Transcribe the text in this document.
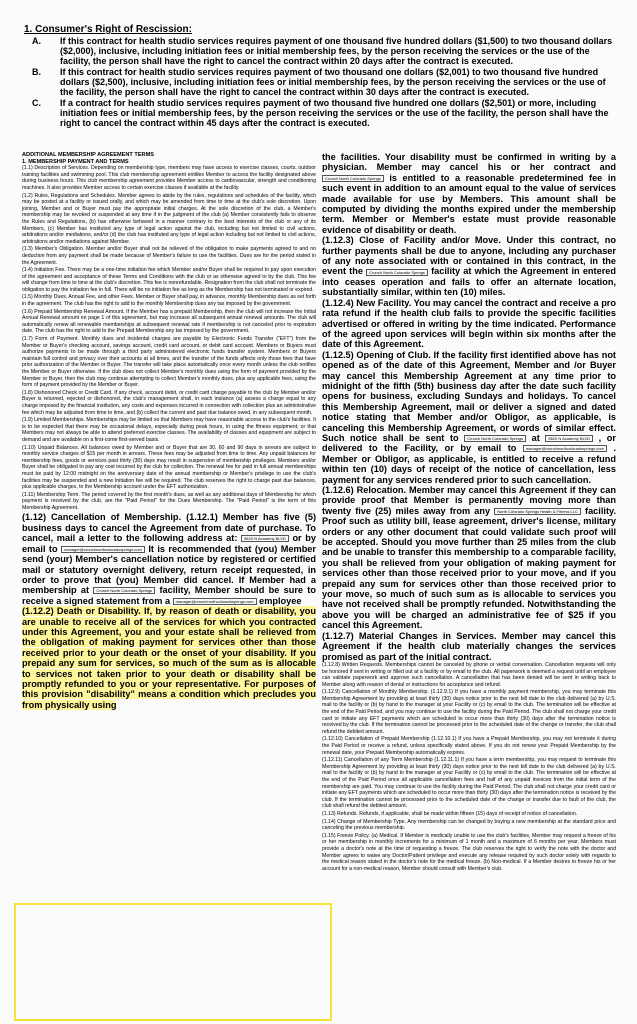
1. Consumer's Right of Rescission:
A.	If this contract for health studio services requires payment of one thousand five hundred dollars ($1,500) to two thousand dollars ($2,000), inclusive, including initiation fees or initial membership fees, by the person receiving the services or the use of the facility, the person shall have the right to cancel the contract within 20 days after the contract is executed.
B.	If this contract for health studio services requires payment of two thousand one dollars ($2,001) to two thousand five hundred dollars ($2,500), inclusive, including initiation fees or initial membership fees, by the person receiving the services or the use of the facility, the person shall have the right to cancel the contract within 30 days after the contract is executed.
C.	If a contract for health studio services requires payment of two thousand five hundred one dollars ($2,501) or more, including initiation fees or initial membership fees, by the person receiving the services or the use of the facility, the person shall have the right to cancel the contract within 45 days after the contract is executed.

ADDITIONAL MEMBERSHIP AGREEMENT TERMS

1. MEMBERSHIP PAYMENT AND TERMS

(1.1) Description of Services. Depending on membership type, members may have access to exercise classes, courts, outdoor training facilities and swimming pool. This club membership agreement entitles Member to access the facility designated above during business hours. This club membership agreement provides Member access to cardiovascular, strength and conditioning machines. It also provides Member access to certain exercise classes if available at the facility.

(1.2) Rules, Regulations and Schedules. Member agrees to abide by the rules, regulations and schedules of the facility, which may be posted at a facility or issued orally, and which may be amended from time to time at the club's sole discretion. Upon joining, Member and or Buyer must pay the appropriate initial charges. At the sole discretion of the club, a Member's membership may be revoked or suspended at any time if in the judgment of the club (a) Member consistently fails to observe the Rules and Regulations, (b) has otherwise behaved in a manner contrary to the best interests of the club or any of its Members, (c) Member has instituted any type of legal action against the club, including but not limited to civil actions, arbitrations and/or mediations, and/or (d) the club has instituted any type of legal action including but not limited to civil actions, arbitrations and/or mediations against Member.

(1.3) Member's Obligation. Member and/or Buyer shall not be relieved of the obligation to make payments agreed to and no deduction from any payment shall be made because of Member's failure to use the facilities. Dues are for the period stated in the Agreement.

(1.4) Initiation Fee. There may be a one-time initiation fee which Member and/or Buyer shall be required to pay upon execution of the agreement and acceptance of these Terms and Conditions with the club or as otherwise agreed to by the club. This fee will change from time to time at the club's discretion. This fee is nonrefundable. Resignation from the club shall not terminate the obligation to pay the initiation fee in full. There will be no initiation fee as long as the Membership has not terminated or expired.

(1.5) Monthly Dues, Annual Fee, and other Fees. Member or Buyer shall pay, in advance, monthly Membership dues as set forth in the agreement. The club has the right to add to the monthly Membership dues any tax imposed by the government.

(1.6) Prepaid Membership Renewal Amount. If the Member has a prepaid Membership, then the club will not increase the Initial Annual Renewal amount on page 1 of this agreement, but may increase all subsequent annual renewal amounts. The club will automatically renew all renewable memberships at subsequent renewal rate if membership is not canceled prior to expiration date. The club has the right to add to the Prepaid Membership any tax imposed by the government.

(1.7) Form of Payment. Monthly dues and incidental charges are payable by Electronic Funds Transfer ("EFT") from the Member or Buyer's checking account, savings account, credit card account, or debit card account. Members or Buyers must authorize payments to be made through a third party administered electronic funds transfer system. Members or Buyers maintain full control and privacy over their accounts at all times, and the transfer of the funds affects only those fees that have prior authorization of the Member or Buyer. The transfer will take place automatically once every month unless the club notifies the Member or Buyer otherwise. If the club does not collect Member's monthly dues using the form of payment provided by the Member or Buyer, then the club may continue attempting to collect Member's monthly dues, plus any applicable fees, using the form of payment provided by the Member or Buyer.

(1.8) Dishonored Check or Credit Card. If any check, account debit, or credit card charge payable to the club by Member and/or Buyer is returned, rejected or dishonored, the club's management shall, in each instance (a) assess a charge equal to any charge imposed by the financial institution, any costs and expenses incurred in connection with collection plus an administrative fee which may be adjusted from time to time, and (b) collect the current and past due balance owed, in any subsequent month.

(1.9) Limited Memberships. Memberships may be limited so that Members may have reasonable access to the club's facilities. It is to be expected that there may be occasional delays, especially during peak hours, in using the fitness equipment; or that Members may not always be able to attend preferred exercise classes. The availability of classes and equipment are subject to demand and are available on a first-come first-served basis.

(1.10) Unpaid Balances. All balances owed by Member and or Buyer that are 30, 60 and 90 days in arrears are subject to monthly service charges of $15 per month in arrears. These fees may be adjusted from time to time. Any unpaid balances for membership fees, goods or services past thirty (30) days may result in suspension of membership privileges. Members and/or Buyer shall be obligated to pay any cost incurred by the club for collection. The renewal fee for paid in full annual memberships must be paid by 12:00 midnight on the anniversary date of the annual membership or Member's privilege to use the club's facilities may be suspended and a new Initiation fee will be required. The club reserves the right to charge past due balances, plus applicable charges, to the Membership account under the EFT authorization.

(1.11) Membership Term. The period covered by the first month's dues, as well as any additional days of Membership for which payment is received by the club, are the "Paid Period" for the Dues Membership. The "Paid Period" is the term of this Membership Agreement.

(1.12) Cancellation of Membership. (1.12.1) Member has five (5) business days to cancel the Agreement from date of purchase. To cancel, mail a letter to the following address at: 5620 N Academy BLVD or by email to manager@crunchnorthcoloradosprings.com It is recommended that (you) Member send (your) Member's cancellation notice by registered or certified mail or statutory overnight delivery, return receipt requested, in order to prove that (you) Member did cancel. If Member had a membership at Crunch North Colorado Springs facility, Member should be sure to receive a signed statement from a manager@crunchnorthcoloradosprings.com employee

(1.12.2) Death or Disability. If, by reason of death or disability, you are unable to receive all of the services for which you contracted under this Agreement, you and your estate shall be relieved from the obligation of making payment for services other than those received prior to your death or the onset of your disability. If you prepaid any sum for services, so much of the sum as is allocable to services not taken prior to your death or disability shall be promptly refunded to you or your representative. For purposes of this provision "disability" means a condition which precludes you from physically using

the facilities. Your disability must be confirmed in writing by a physician. Member may cancel his or her contract and Crunch North Colorado Springs is entitled to a reasonable predetermined fee in such event in addition to an amount equal to the value of services made available for use by Members. This amount shall be computed by dividing the months expired under the membership term. Member or Member's estate must provide reasonable evidence of disability or death.

(1.12.3) Close of Facility and/or Move. Under this contract, no further payments shall be due to anyone, including any purchaser of any note associated with or contained in this contract, in the event the Crunch North Colorado Springs facility at which the Agreement in entered into ceases operation and fails to offer an alternate location, substantially similar, within ten (10) miles.

(1.12.4) New Facility. You may cancel the contract and receive a pro rata refund if the health club fails to provide the specific facilities advertised or offered in writing by the time indicated. Performance of the agreed upon services will begin within six months after the date of this Agreement.

(1.12.5) Opening of Club. If the facility first identified above has not opened as of the date of this Agreement, Member and /or Buyer may cancel this Membership Agreement at any time prior to midnight of the fifth (5th) business day after the date such facility opens for business, excluding Sundays and holidays. To cancel this Membership Agreement, mail or deliver a signed and dated notice stating that Member and/or Obligor, as applicable, is canceling this Membership Agreement, or words of similar effect. Such notice shall be sent to Crunch North Colorado Springs at 5620 N Academy BLVD , or delivered to the Facility, or by email to manager@crunchnorthcoloradosprings.com . Member or Obligor, as applicable, is entitled to receive a refund within ten (10) days of receipt of the notice of cancellation, less payment for any services rendered prior to such cancellation.

(1.12.6) Relocation. Member may cancel this Agreement if they can provide proof that Member is permanently moving more than twenty five (25) miles away from any North Colorado Springs Health & Fitness LLC facility. Proof such as utility bill, lease agreement, driver's license, military orders or any other document that could validate such proof will be accepted. Should you move further than 25 miles from the club and be unable to transfer this membership to a comparable facility, you shall be relieved from your obligation of making payment for services other than those received prior to your move, and if you prepaid any sum for services other than those received prior to your move, so much of such sum as is allocable to services you have not received shall be promptly refunded. Notwithstanding the above you will be charged an administrative fee of $25 if you cancel this Agreement.

(1.12.7) Material Changes in Services. Member may cancel this Agreement if the health club materially changes the services promised as part of the initial contract.

(1.12.8) Written Requests. Memberships cannot be canceled by phone or verbal conversation. Cancellation requests will only be honored if sent in writing or filled out at a facility or by email to the club. All paperwork is deemed a request until an employee can validate paperwork and approve such cancellation. A cancellation that has been denied will be sent in writing back to Member along with reason of denial or instructions for acceptance and refund.

(1.12.9) Cancellation of Monthly Membership. (1.12.9.1) If you have a monthly payment membership, you may terminate this Membership Agreement by providing at least thirty (30) days notice prior to the next bill date to the club delivered (a) by U.S. mail to the facility or (b) by hand to the manager at your Facility or (c) by email to the club. The termination will be effective at the end of the Paid Period, and you may continue to use the facility during the Paid Period. The club shall not charge your credit card or initiate any EFT payments which are scheduled to occur more than thirty (30) days after the termination notice is received by the club. If the termination cannot be processed prior to the scheduled date of the change or transfer, the club shall refund the debited amount.

(1.12.10) Cancellation of Prepaid Membership (1.12.10.1) If you have a Prepaid Membership, you may not terminate it during the Paid Period or receive a refund, unless specifically stated above. If you do not renew your Prepaid Membership by the renewal date, your Prepaid Membership automatically expires.

(1.12.11) Cancellation of any Term Membership (1.12.11.1) If you have a term membership, you may request to terminate this Membership Agreement by providing at least thirty (30) days notice prior to the next bill date to the club delivered (a) by U.S. mail to the facility or (b) by hand to the manager at your Facility or (c) by email to the club. The termination will be effective at the end of the Paid Period once all applicable cancellation fees and half of any unpaid invoices from the initial term of the membership are paid. You may continue to use the facility during the Paid Period. The club shall not charge your credit card or initiate any EFT payments which are scheduled to occur more than thirty (30) days after the termination notice is received by the club. If the termination cannot be processed prior to the scheduled date of the change or transfer due to fault of the club, the club shall refund the debited amount.

(1.13) Refunds. Refunds, if applicable, shall be made within fifteen (15) days of receipt of notice of cancellation.

(1.14) Change of Membership Type. Any membership can be changed by buying a new membership at the standard price and canceling the previous membership.

(1.15) Freeze Policy. (a) Medical. If Member is medically unable to use the club's facilities, Member may request a freeze of his or her membership in monthly increments for a minimum of 1 month and a maximum of 6 months per year. Members must provide a doctor's note at the time of requesting a freeze. The club reserves the right to verify the note with the doctor and Member agrees to waive any Doctor/Patient privilege and execute any release required by such doctor solely with regards to the medical reason stated in the doctor's note for the medical freeze. (b) Non-medical. If a Member desires to freeze his or her account for a non-medical reason, Member should consult with Member's club.
